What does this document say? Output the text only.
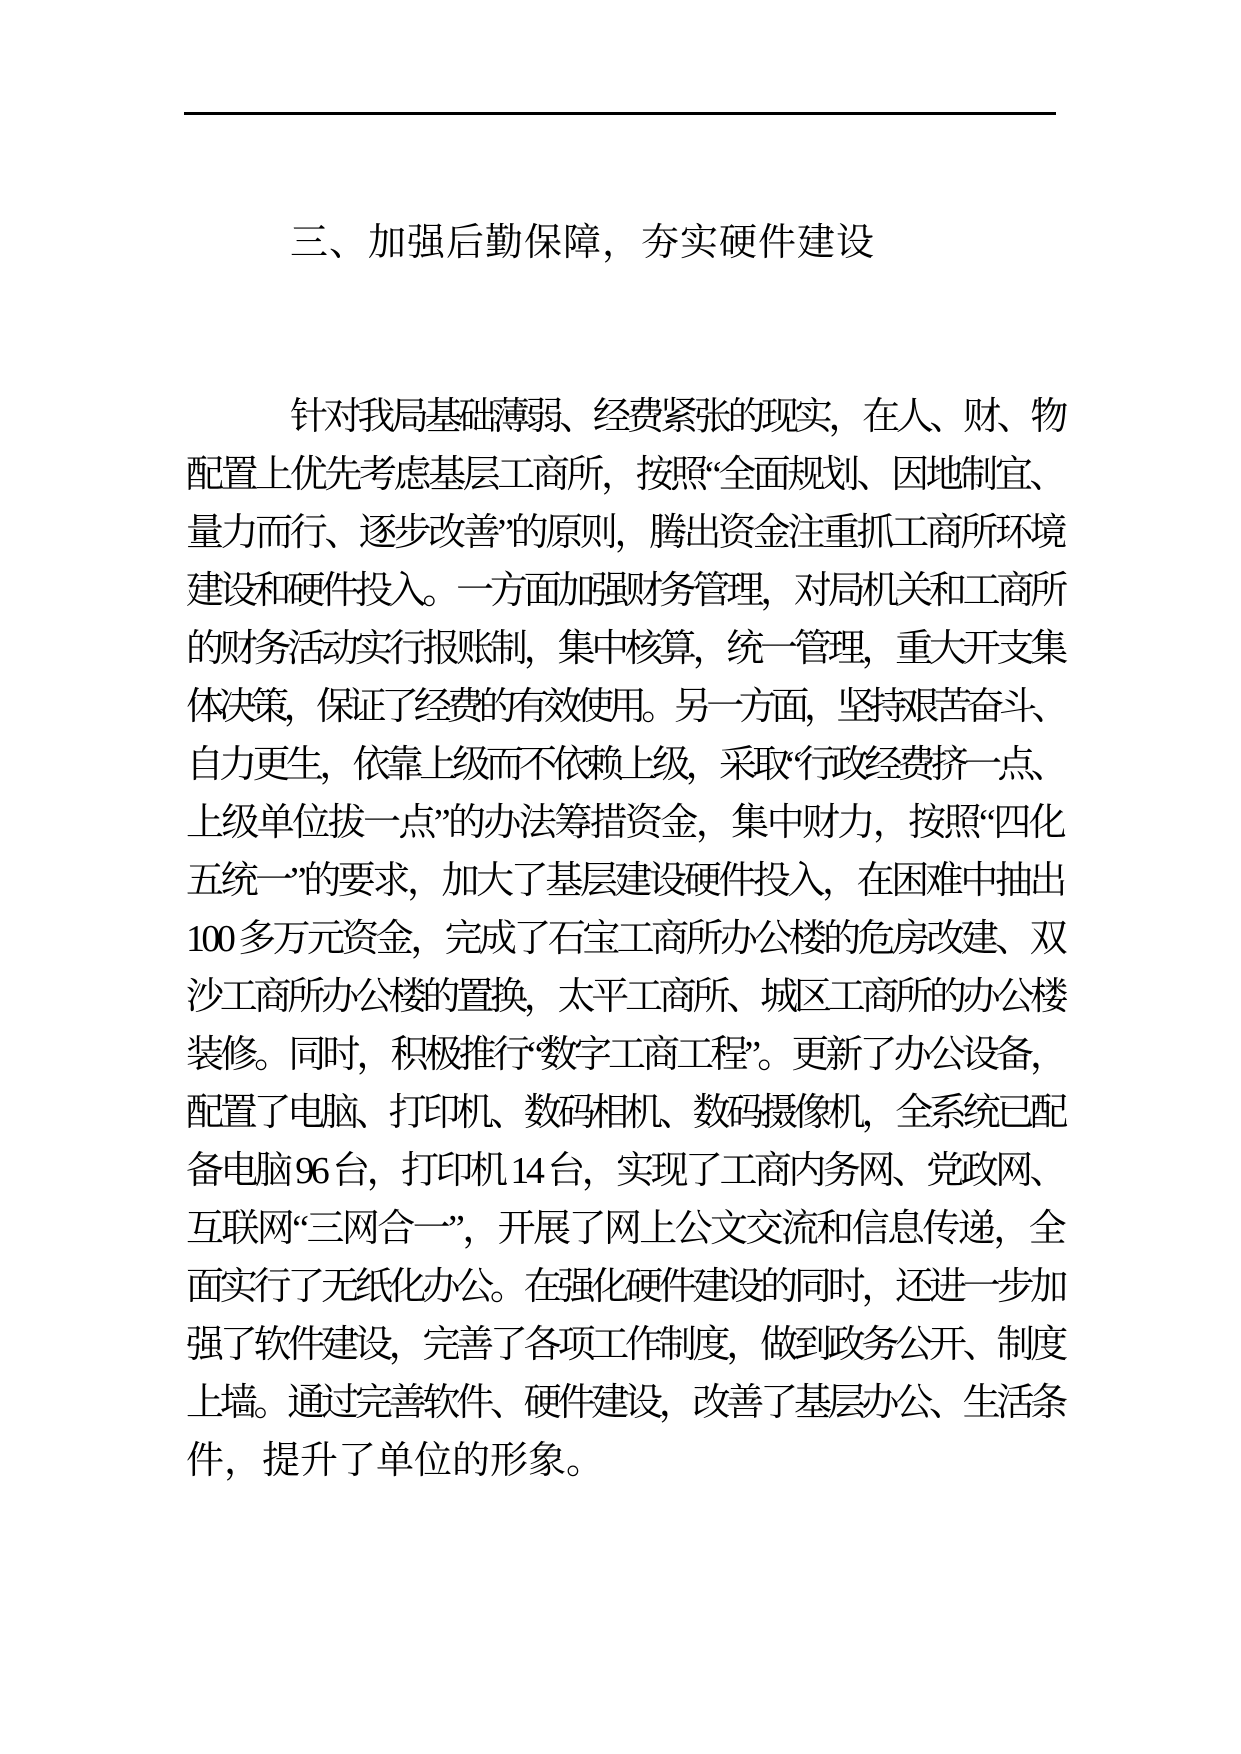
三、加强后勤保障，夯实硬件建设
针对我局基础薄弱、经费紧张的现实，在人、财、物
配置上优先考虑基层工商所，按照“全面规划、因地制宜、
量力而行、逐步改善”的原则，腾出资金注重抓工商所环境
建设和硬件投入。一方面加强财务管理，对局机关和工商所
的财务活动实行报账制，集中核算，统一管理，重大开支集
体决策，保证了经费的有效使用。另一方面，坚持艰苦奋斗、
自力更生，依靠上级而不依赖上级，采取“行政经费挤一点、
上级单位拔一点”的办法筹措资金，集中财力，按照“四化
五统一”的要求，加大了基层建设硬件投入，在困难中抽出
100 多万元资金，完成了石宝工商所办公楼的危房改建、双
沙工商所办公楼的置换，太平工商所、城区工商所的办公楼
装修。同时，积极推行“数字工商工程”。更新了办公设备，
配置了电脑、打印机、数码相机、数码摄像机，全系统已配
备电脑 96 台，打印机 14 台，实现了工商内务网、党政网、
互联网“三网合一”，开展了网上公文交流和信息传递，全
面实行了无纸化办公。在强化硬件建设的同时，还进一步加
强了软件建设，完善了各项工作制度，做到政务公开、制度
上墙。通过完善软件、硬件建设，改善了基层办公、生活条
件，提升了单位的形象。
